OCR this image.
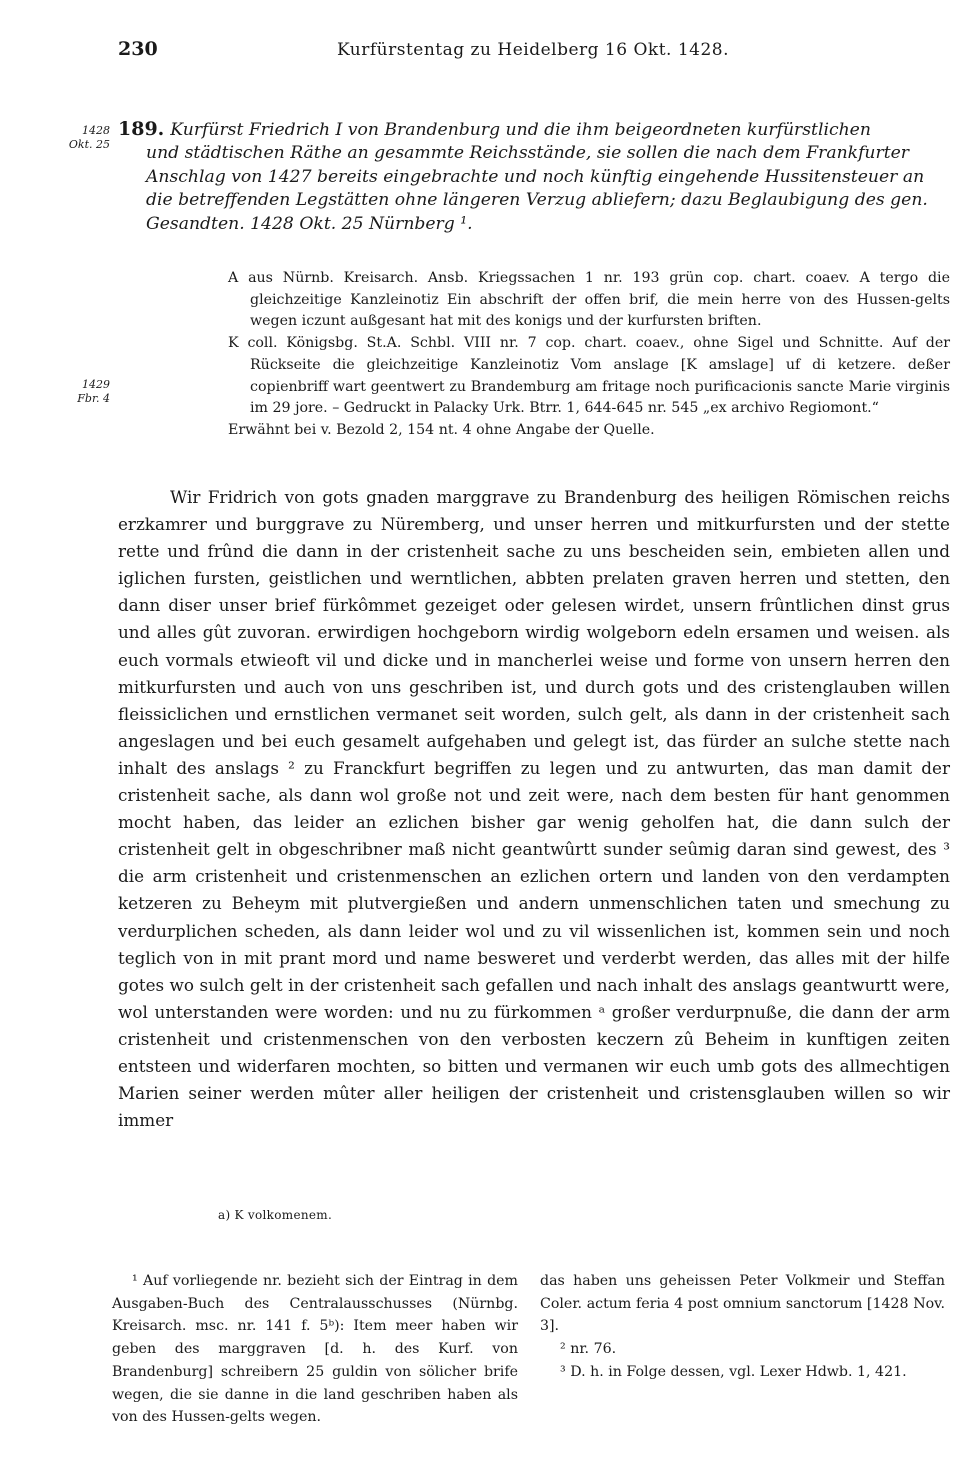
230	Kurfürstentag zu Heidelberg 16 Okt. 1428.
1428
Okt. 25
1429
Fbr. 4
189. Kurfürst Friedrich I von Brandenburg und die ihm beigeordneten kurfürstlichen
und städtischen Räthe an gesammte Reichsstände, sie sollen die nach dem Frankfurter Anschlag von 1427 bereits eingebrachte und noch künftig eingehende Hussitensteuer an die betreffenden Legstätten ohne längeren Verzug abliefern; dazu Beglaubigung des gen. Gesandten. 1428 Okt. 25 Nürnberg ¹.

A aus Nürnb. Kreisarch. Ansb. Kriegssachen 1 nr. 193 grün cop. chart. coaev. A tergo die gleichzeitige Kanzleinotiz Ein abschrift der offen brif, die mein herre von des Hussen-gelts wegen iczunt außgesant hat mit des konigs und der kurfursten briften.

K coll. Königsbg. St.A. Schbl. VIII nr. 7 cop. chart. coaev., ohne Sigel und Schnitte. Auf der Rückseite die gleichzeitige Kanzleinotiz Vom anslage [K amslage] uf di ketzere. deßer copienbriff wart geentwert zu Brandemburg am fritage noch purificacionis sancte Marie virginis im 29 jore. – Gedruckt in Palacky Urk. Btrr. 1, 644-645 nr. 545 „ex archivo Regiomont.“

Erwähnt bei v. Bezold 2, 154 nt. 4 ohne Angabe der Quelle.

Wir Fridrich von gots gnaden marggrave zu Brandenburg des heiligen Römischen reichs erzkamrer und burggrave zu Nüremberg, und unser herren und mitkurfursten und der stette rette und frûnd die dann in der cristenheit sache zu uns bescheiden sein, embieten allen und iglichen fursten, geistlichen und werntlichen, abbten prelaten graven herren und stetten, den dann diser unser brief fürkômmet gezeiget oder gelesen wirdet, unsern frûntlichen dinst grus und alles gût zuvoran. erwirdigen hochgeborn wirdig wolgeborn edeln ersamen und weisen. als euch vormals etwieoft vil und dicke und in mancherlei weise und forme von unsern herren den mitkurfursten und auch von uns geschriben ist, und durch gots und des cristenglauben willen fleissiclichen und ernstlichen vermanet seit worden, sulch gelt, als dann in der cristenheit sach angeslagen und bei euch gesamelt aufgehaben und gelegt ist, das fürder an sulche stette nach inhalt des anslags ² zu Franckfurt begriffen zu legen und zu antwurten, das man damit der cristenheit sache, als dann wol große not und zeit were, nach dem besten für hant genommen mocht haben, das leider an ezlichen bisher gar wenig geholfen hat, die dann sulch der cristenheit gelt in obgeschribner maß nicht geantwûrtt sunder seûmig daran sind gewest, des ³ die arm cristenheit und cristenmenschen an ezlichen ortern und landen von den verdampten ketzeren zu Beheym mit plutvergießen und andern unmenschlichen taten und smechung zu verdurplichen scheden, als dann leider wol und zu vil wissenlichen ist, kommen sein und noch teglich von in mit prant mord und name besweret und verderbt werden, das alles mit der hilfe gotes wo sulch gelt in der cristenheit sach gefallen und nach inhalt des anslags geantwurtt were, wol unterstanden were worden: und nu zu fürkommen ᵃ großer verdurpnuße, die dann der arm cristenheit und cristenmenschen von den verbosten keczern zû Beheim in kunftigen zeiten entsteen und widerfaren mochten, so bitten und vermanen wir euch umb gots des allmechtigen Marien seiner werden mûter aller heiligen der cristenheit und cristensglauben willen so wir immer

a) K volkomenem.

¹ Auf vorliegende nr. bezieht sich der Eintrag in dem Ausgaben-Buch des Centralausschusses (Nürnbg. Kreisarch. msc. nr. 141 f. 5ᵇ): Item meer haben wir geben des marggraven [d. h. des Kurf. von Brandenburg] schreibern 25 guldin von sölicher brife wegen, die sie danne in die land geschriben haben als von des Hussen-gelts wegen.

das haben uns geheissen Peter Volkmeir und Steffan Coler. actum feria 4 post omnium sanctorum [1428 Nov. 3].

² nr. 76.

³ D. h. in Folge dessen, vgl. Lexer Hdwb. 1, 421.
